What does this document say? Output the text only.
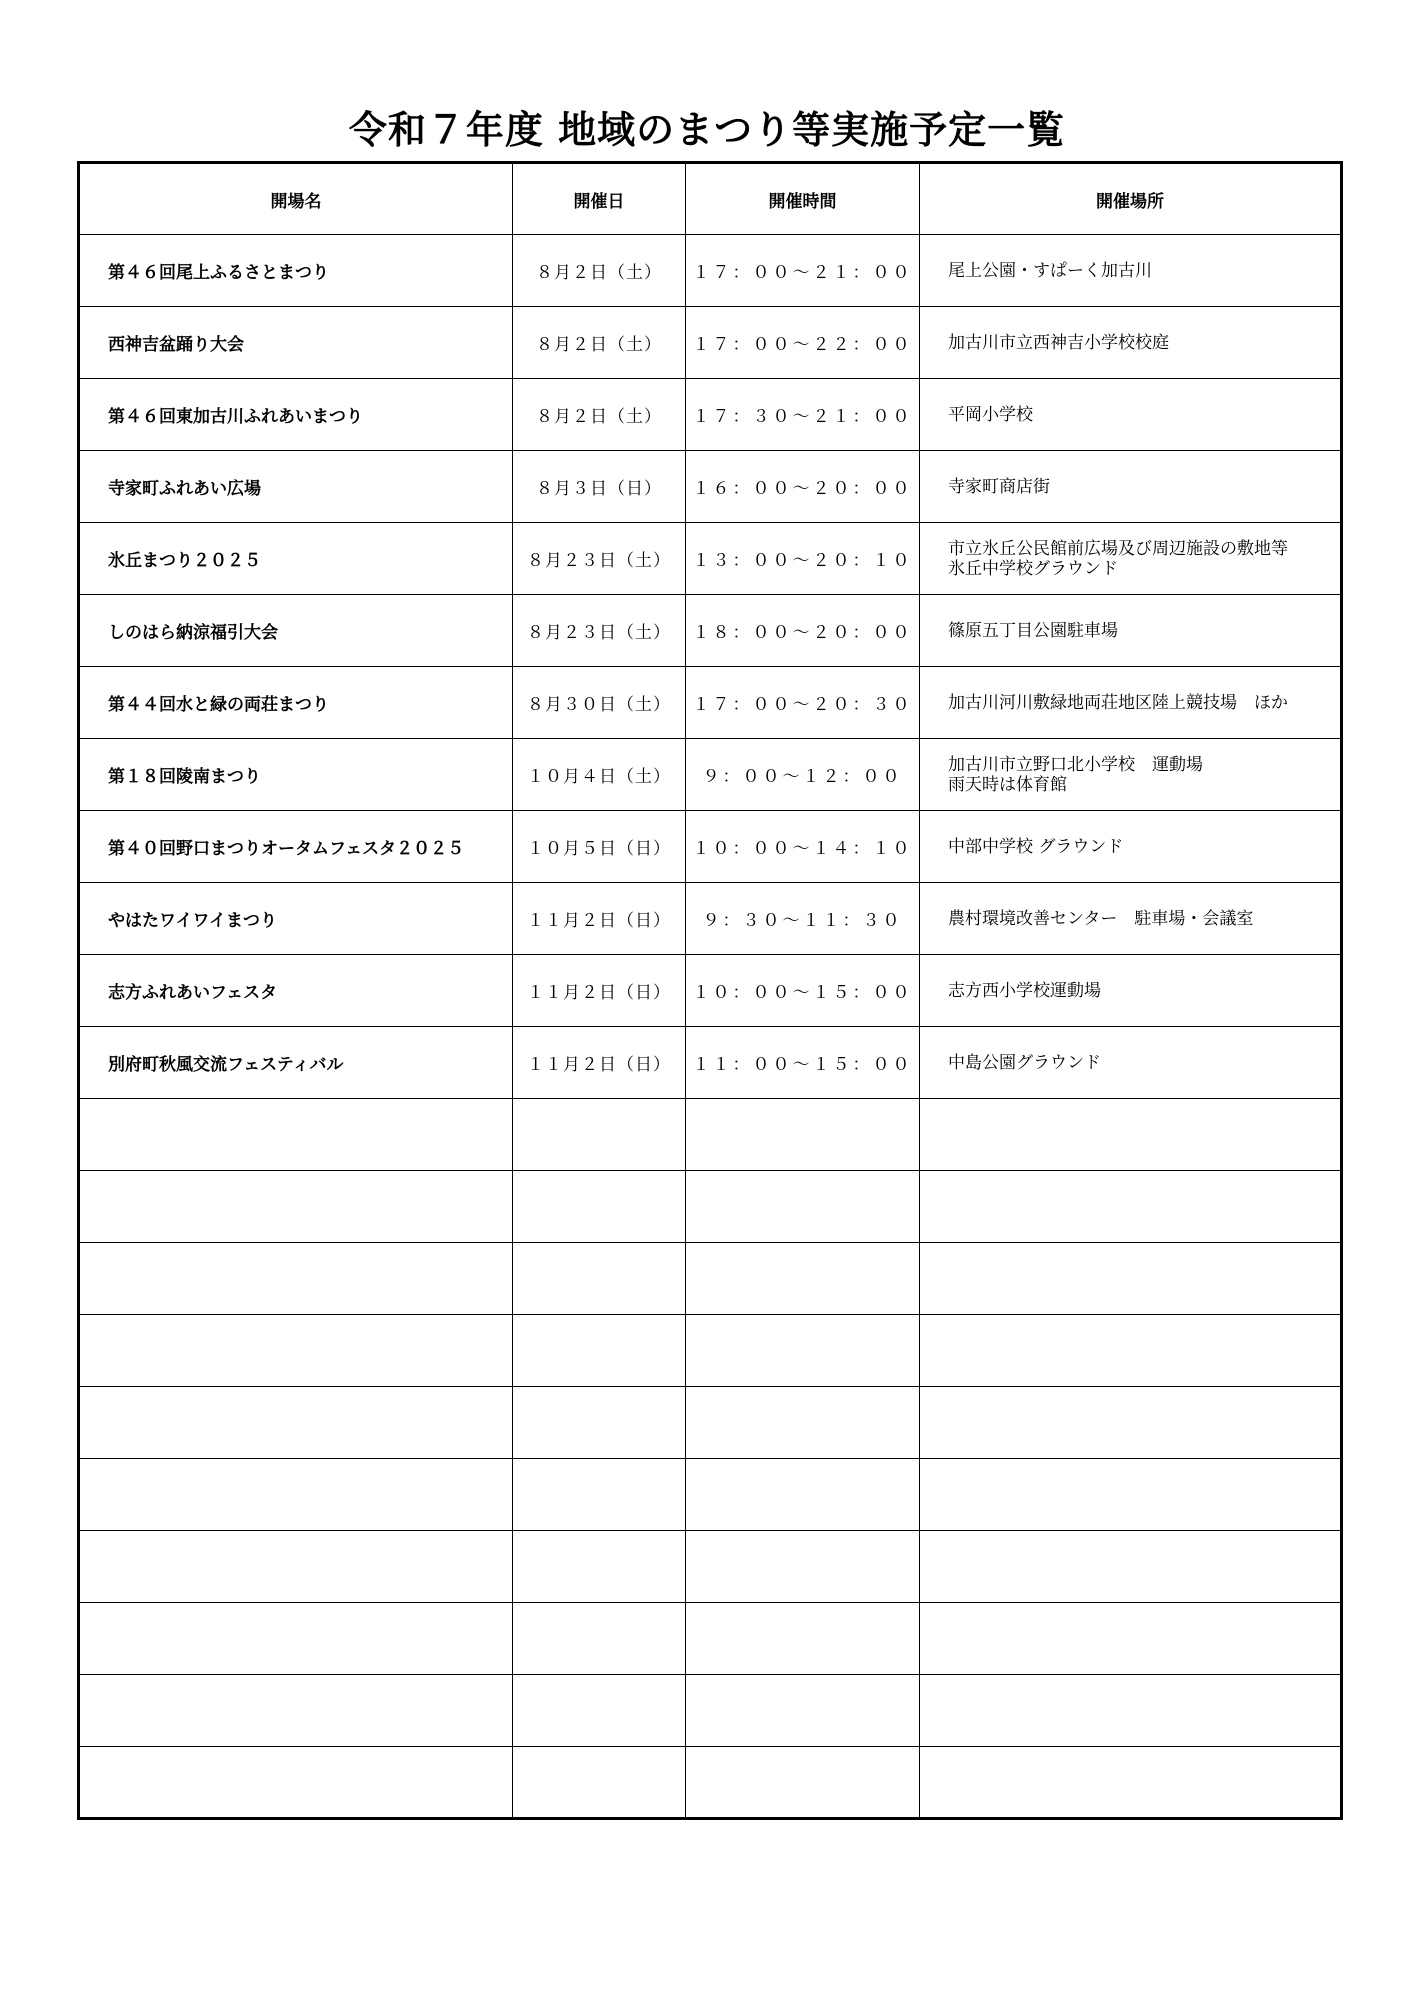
令和７年度 地域のまつり等実施予定一覧
開場名	開催日	開催時間	開催場所
第４６回尾上ふるさとまつり	８月２日（土）	１７：００～２１：００	尾上公園・すぱーく加古川

西神吉盆踊り大会	８月２日（土）	１７：００～２２：００	加古川市立西神吉小学校校庭

第４６回東加古川ふれあいまつり	８月２日（土）	１７：３０～２１：００	平岡小学校

寺家町ふれあい広場	８月３日（日）	１６：００～２０：００	寺家町商店街

氷丘まつり２０２５	８月２３日（土）	１３：００～２０：１０	市立氷丘公民館前広場及び周辺施設の敷地等
氷丘中学校グラウンド

しのはら納涼福引大会	８月２３日（土）	１８：００～２０：００	篠原五丁目公園駐車場

第４４回水と緑の両荘まつり	８月３０日（土）	１７：００～２０：３０	加古川河川敷緑地両荘地区陸上競技場　ほか

第１８回陵南まつり	１０月４日（土）	９：００～１２：００	加古川市立野口北小学校　運動場
雨天時は体育館

第４０回野口まつりオータムフェスタ２０２５	１０月５日（日）	１０：００～１４：１０	中部中学校 グラウンド

やはたワイワイまつり	１１月２日（日）	９：３０～１１：３０	農村環境改善センター　駐車場・会議室

志方ふれあいフェスタ	１１月２日（日）	１０：００～１５：００	志方西小学校運動場

別府町秋風交流フェスティバル	１１月２日（日）	１１：００～１５：００	中島公園グラウンド
